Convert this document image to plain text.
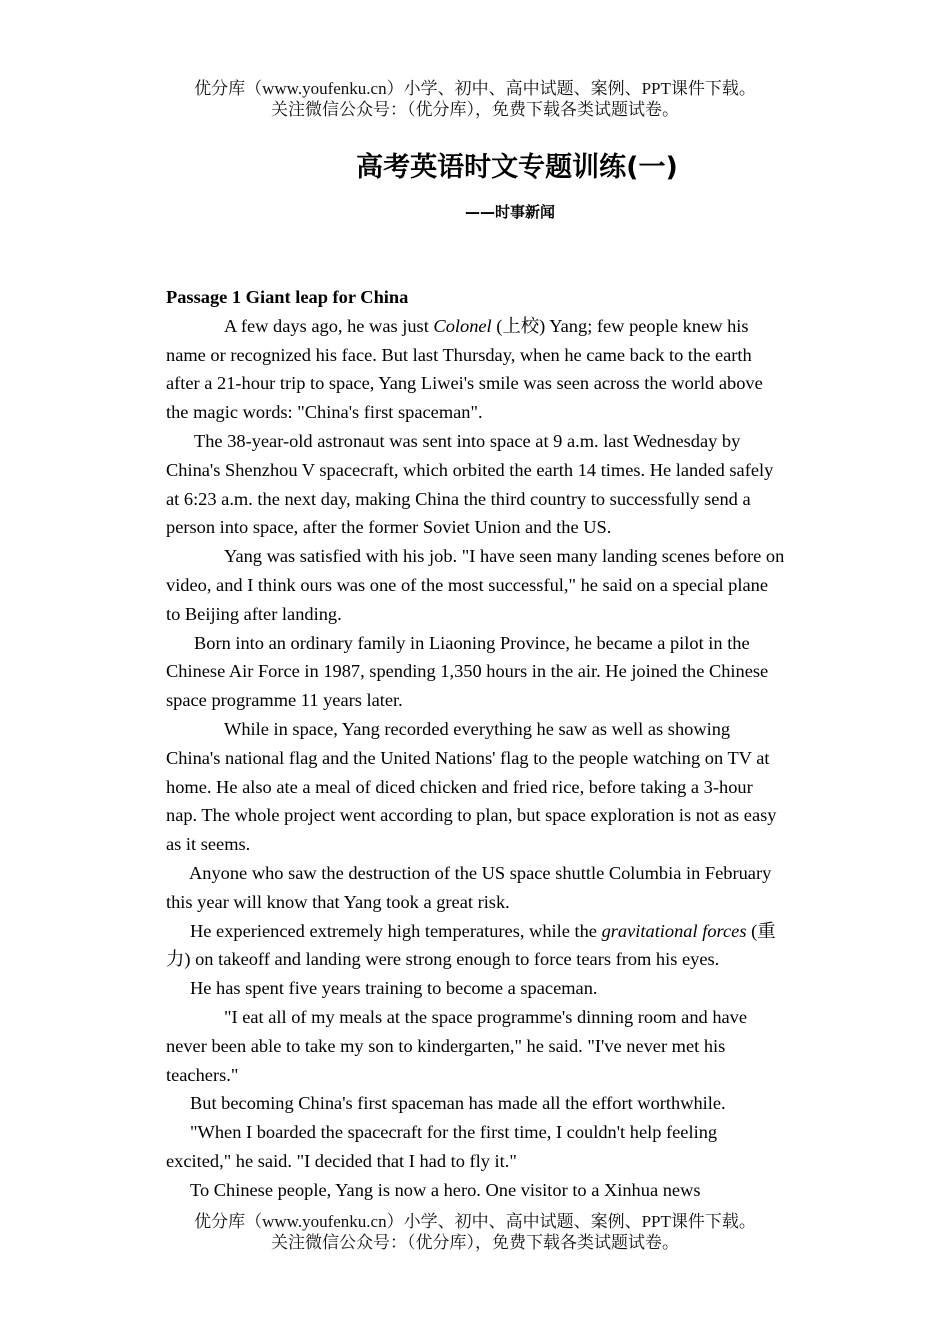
优分库（www.youfenku.cn）小学、初中、高中试题、案例、PPT课件下载。
关注微信公众号：（优分库），免费下载各类试题试卷。
高考英语时文专题训练(一)
——时事新闻

Passage 1 Giant leap for China

A few days ago, he was just Colonel (上校) Yang; few people knew his name or recognized his face. But last Thursday, when he came back to the earth after a 21-hour trip to space, Yang Liwei's smile was seen across the world above the magic words: "China's first spaceman".

The 38-year-old astronaut was sent into space at 9 a.m. last Wednesday by China's Shenzhou V spacecraft, which orbited the earth 14 times. He landed safely at 6:23 a.m. the next day, making China the third country to successfully send a person into space, after the former Soviet Union and the US.

Yang was satisfied with his job. "I have seen many landing scenes before on video, and I think ours was one of the most successful," he said on a special plane to Beijing after landing.

Born into an ordinary family in Liaoning Province, he became a pilot in the Chinese Air Force in 1987, spending 1,350 hours in the air. He joined the Chinese space programme 11 years later.

While in space, Yang recorded everything he saw as well as showing China's national flag and the United Nations' flag to the people watching on TV at home. He also ate a meal of diced chicken and fried rice, before taking a 3-hour nap. The whole project went according to plan, but space exploration is not as easy as it seems.

Anyone who saw the destruction of the US space shuttle Columbia in February this year will know that Yang took a great risk.

He experienced extremely high temperatures, while the gravitational forces (重力) on takeoff and landing were strong enough to force tears from his eyes.

He has spent five years training to become a spaceman.

"I eat all of my meals at the space programme's dinning room and have never been able to take my son to kindergarten," he said. "I've never met his teachers."

But becoming China's first spaceman has made all the effort worthwhile.

"When I boarded the spacecraft for the first time, I couldn't help feeling excited," he said. "I decided that I had to fly it."

To Chinese people, Yang is now a hero. One visitor to a Xinhua news

优分库（www.youfenku.cn）小学、初中、高中试题、案例、PPT课件下载。
关注微信公众号：（优分库），免费下载各类试题试卷。
